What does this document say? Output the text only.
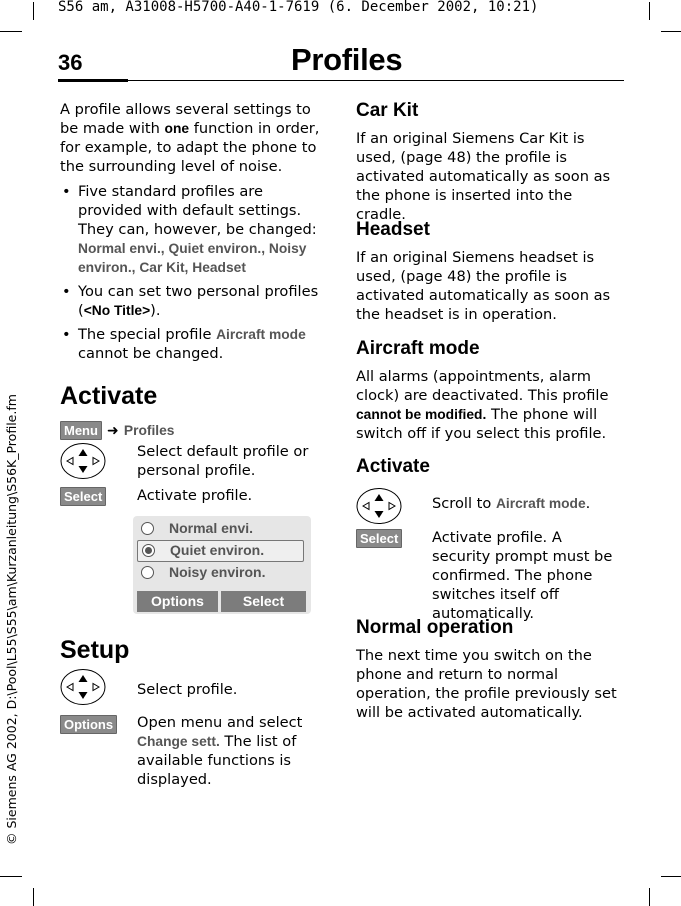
S56 am, A31008-H5700-A40-1-7619 (6. December 2002, 10:21)
© Siemens AG 2002, D:\Pool\L55\S55\am\Kurzanleitung\S56K_Profile.fm
36	Profiles

A profile allows several settings to be made with one function in order, for example, to adapt the phone to the surrounding level of noise.

• Five standard profiles are provided with default settings. They can, however, be changed:
Normal envi., Quiet environ., Noisy environ., Car Kit, Headset
• You can set two personal profiles (<No Title>).
• The special profile Aircraft mode
cannot be changed.
Activate
Menu ➜ Profiles
Select default profile or personal profile.
Select Activate profile.
Normal envi.
Quiet environ.
Noisy environ.
Options	Select
Setup
Select profile.
Options Open menu and select
Change sett. The list of available functions is displayed.
Car Kit

If an original Siemens Car Kit is used, (page 48) the profile is activated automatically as soon as the phone is inserted into the cradle.

Headset

If an original Siemens headset is used, (page 48) the profile is activated automatically as soon as the headset is in operation.

Aircraft mode

All alarms (appointments, alarm clock) are deactivated. This profile cannot be modified. The phone will switch off if you select this profile.

Activate
Scroll to Aircraft mode.
Select Activate profile. A security prompt must be confirmed. The phone switches itself off automatically.
Normal operation

The next time you switch on the phone and return to normal operation, the profile previously set will be activated automatically.
